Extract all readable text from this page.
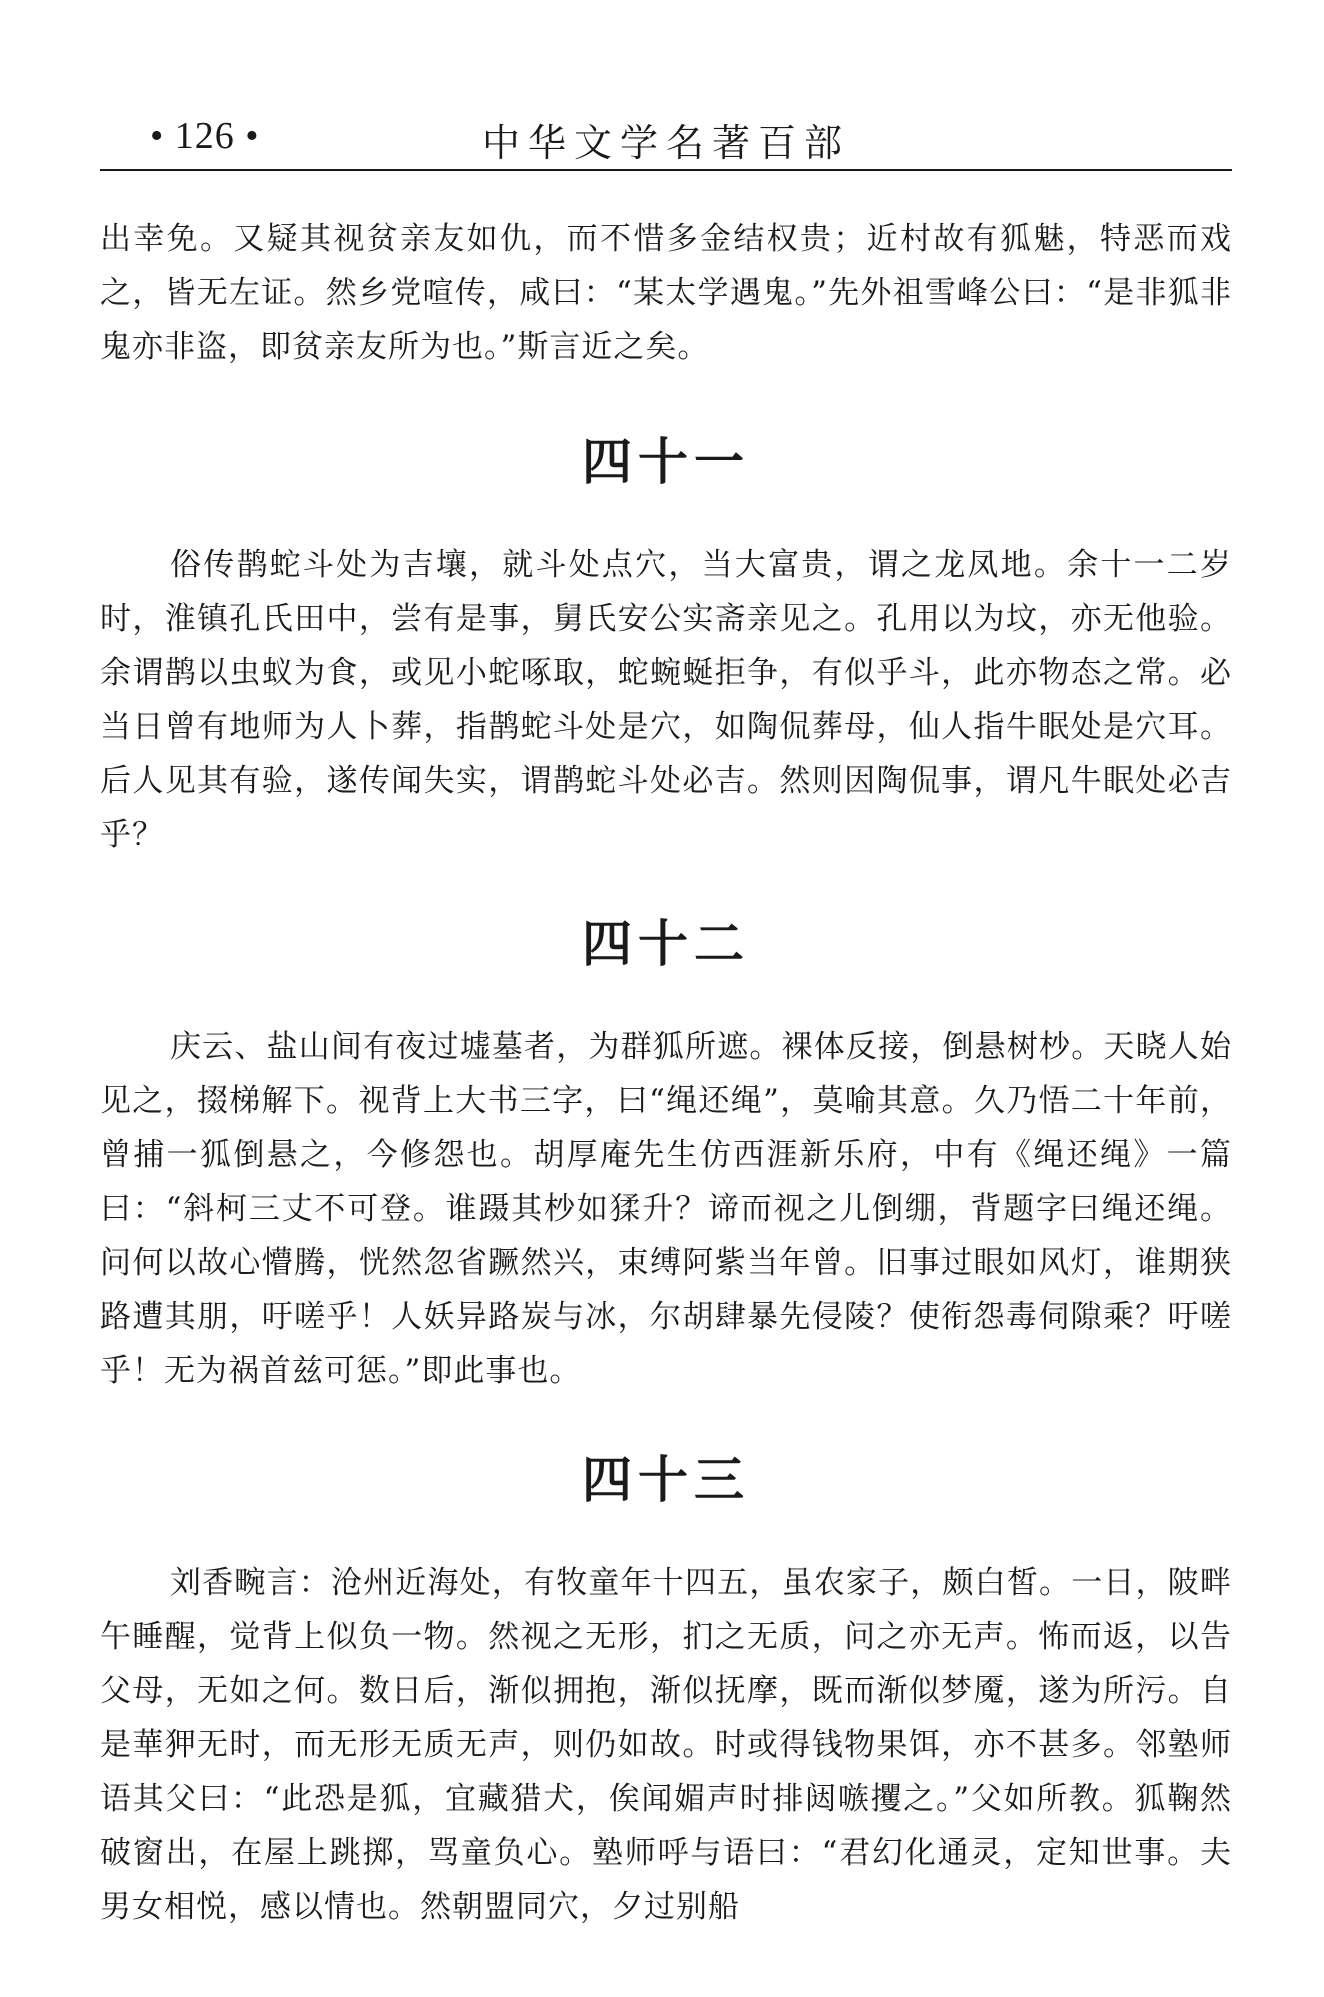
• 126 •	中华文学名著百部

出幸免。又疑其视贫亲友如仇，而不惜多金结权贵；近村故有狐魅，特恶而戏之，皆无左证。然乡党喧传，咸曰：“某太学遇鬼。”先外祖雪峰公曰：“是非狐非鬼亦非盗，即贫亲友所为也。”斯言近之矣。

四十一

俗传鹊蛇斗处为吉壤，就斗处点穴，当大富贵，谓之龙凤地。余十一二岁时，淮镇孔氏田中，尝有是事，舅氏安公实斋亲见之。孔用以为坟，亦无他验。余谓鹊以虫蚁为食，或见小蛇啄取，蛇蜿蜒拒争，有似乎斗，此亦物态之常。必当日曾有地师为人卜葬，指鹊蛇斗处是穴，如陶侃葬母，仙人指牛眠处是穴耳。后人见其有验，遂传闻失实，谓鹊蛇斗处必吉。然则因陶侃事，谓凡牛眠处必吉乎？

四十二

庆云、盐山间有夜过墟墓者，为群狐所遮。裸体反接，倒悬树杪。天晓人始见之，掇梯解下。视背上大书三字，曰“绳还绳”，莫喻其意。久乃悟二十年前，曾捕一狐倒悬之，今修怨也。胡厚庵先生仿西涯新乐府，中有《绳还绳》一篇曰：“斜柯三丈不可登。谁蹑其杪如猱升？谛而视之儿倒绷，背题字曰绳还绳。问何以故心懵腾，恍然忽省蹶然兴，束缚阿紫当年曾。旧事过眼如风灯，谁期狭路遭其朋，吁嗟乎！人妖异路炭与冰，尔胡肆暴先侵陵？使衔怨毒伺隙乘？吁嗟乎！无为祸首兹可惩。”即此事也。

四十三

刘香畹言：沧州近海处，有牧童年十四五，虽农家子，颇白皙。一日，陂畔午睡醒，觉背上似负一物。然视之无形，扪之无质，问之亦无声。怖而返，以告父母，无如之何。数日后，渐似拥抱，渐似抚摩，既而渐似梦魇，遂为所污。自是華狎无时，而无形无质无声，则仍如故。时或得钱物果饵，亦不甚多。邻塾师语其父曰：“此恐是狐，宜藏猎犬，俟闻媚声时排闼嗾攫之。”父如所教。狐鞠然破窗出，在屋上跳掷，骂童负心。塾师呼与语曰：“君幻化通灵，定知世事。夫男女相悦，感以情也。然朝盟同穴，夕过别船
